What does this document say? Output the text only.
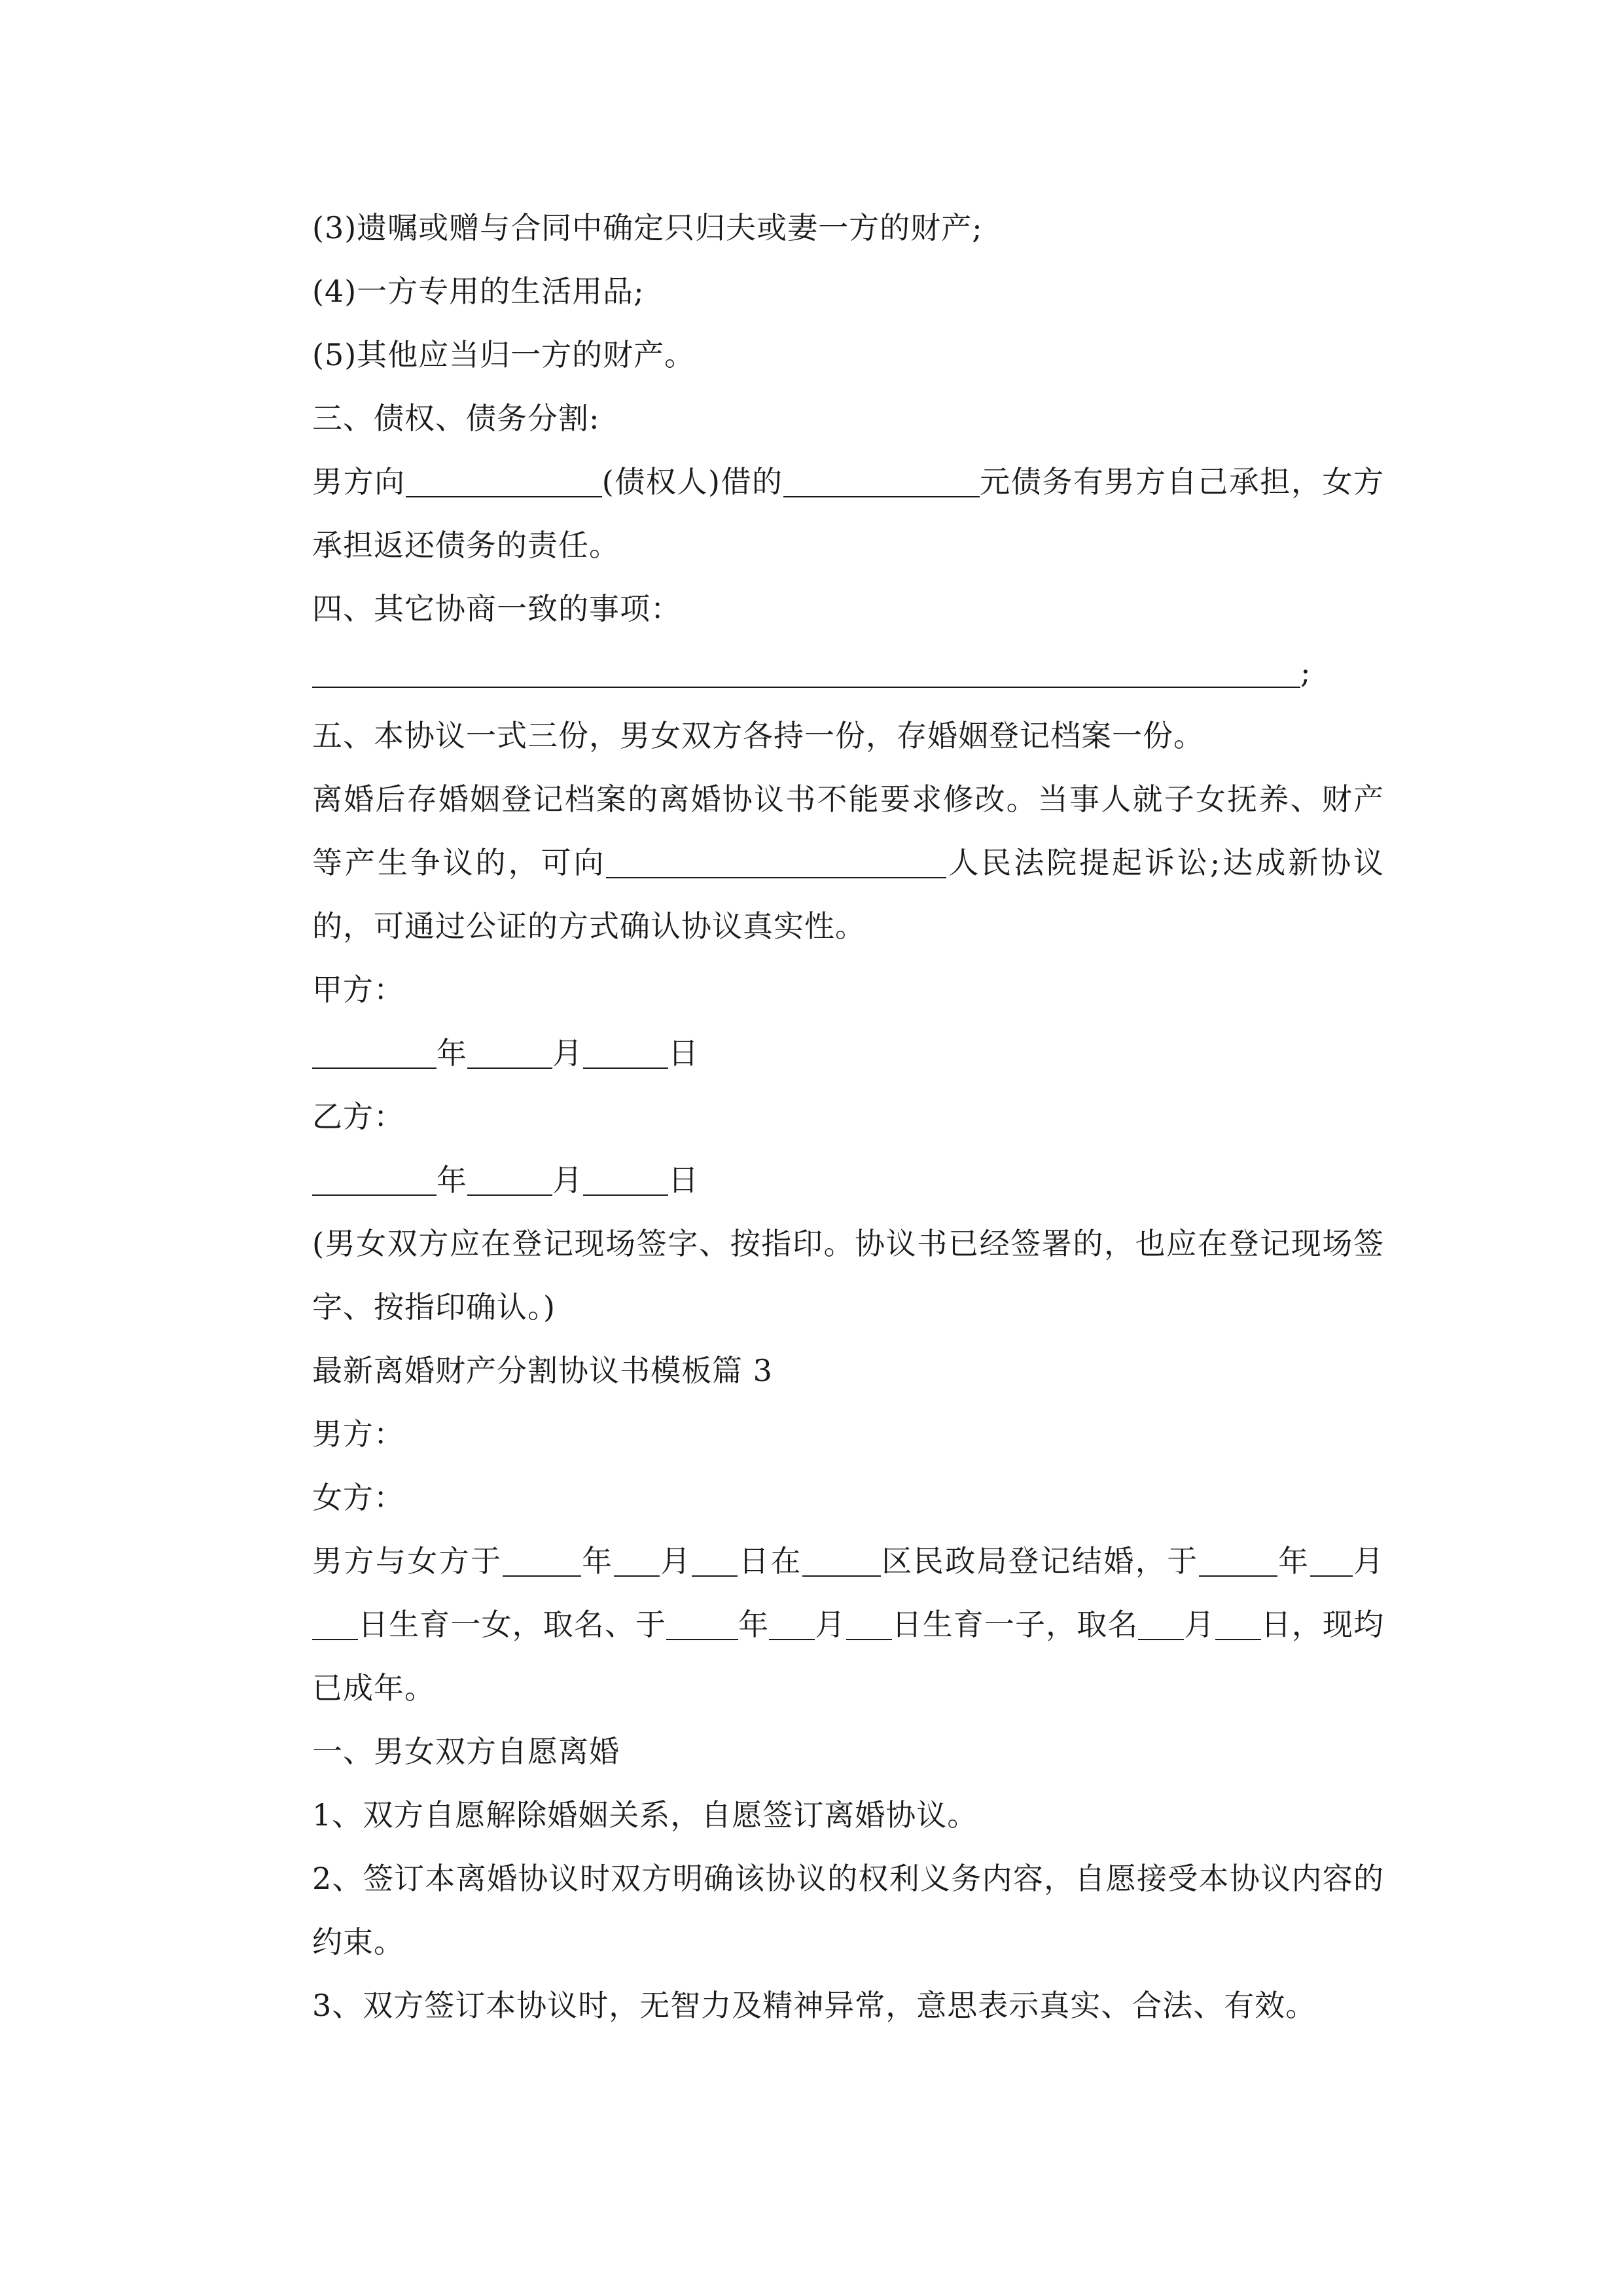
(3)遗嘱或赠与合同中确定只归夫或妻一方的财产;

(4)一方专用的生活用品;

(5)其他应当归一方的财产。

三、债权、债务分割:

男方向	(债权人)借的	元债务有男方自己承担，女方承担返还债务的责任。

四、其它协商一致的事项：

;

五、本协议一式三份，男女双方各持一份，存婚姻登记档案一份。

离婚后存婚姻登记档案的离婚协议书不能要求修改。当事人就子女抚养、财产等产生争议的，可向	人民法院提起诉讼;达成新协议的，可通过公证的方式确认协议真实性。

甲方：

年	月	日

乙方：

年	月	日

(男女双方应在登记现场签字、按指印。协议书已经签署的，也应在登记现场签字、按指印确认。)

最新离婚财产分割协议书模板篇 3

男方：

女方：

男方与女方于	年 月 日在	区民政局登记结婚，于	年 月日生育一女，取名、于 年 月 日生育一子，取名 月 日，现均已成年。

一、男女双方自愿离婚

1、双方自愿解除婚姻关系，自愿签订离婚协议。

2、签订本离婚协议时双方明确该协议的权利义务内容，自愿接受本协议内容的约束。

3、双方签订本协议时，无智力及精神异常，意思表示真实、合法、有效。
